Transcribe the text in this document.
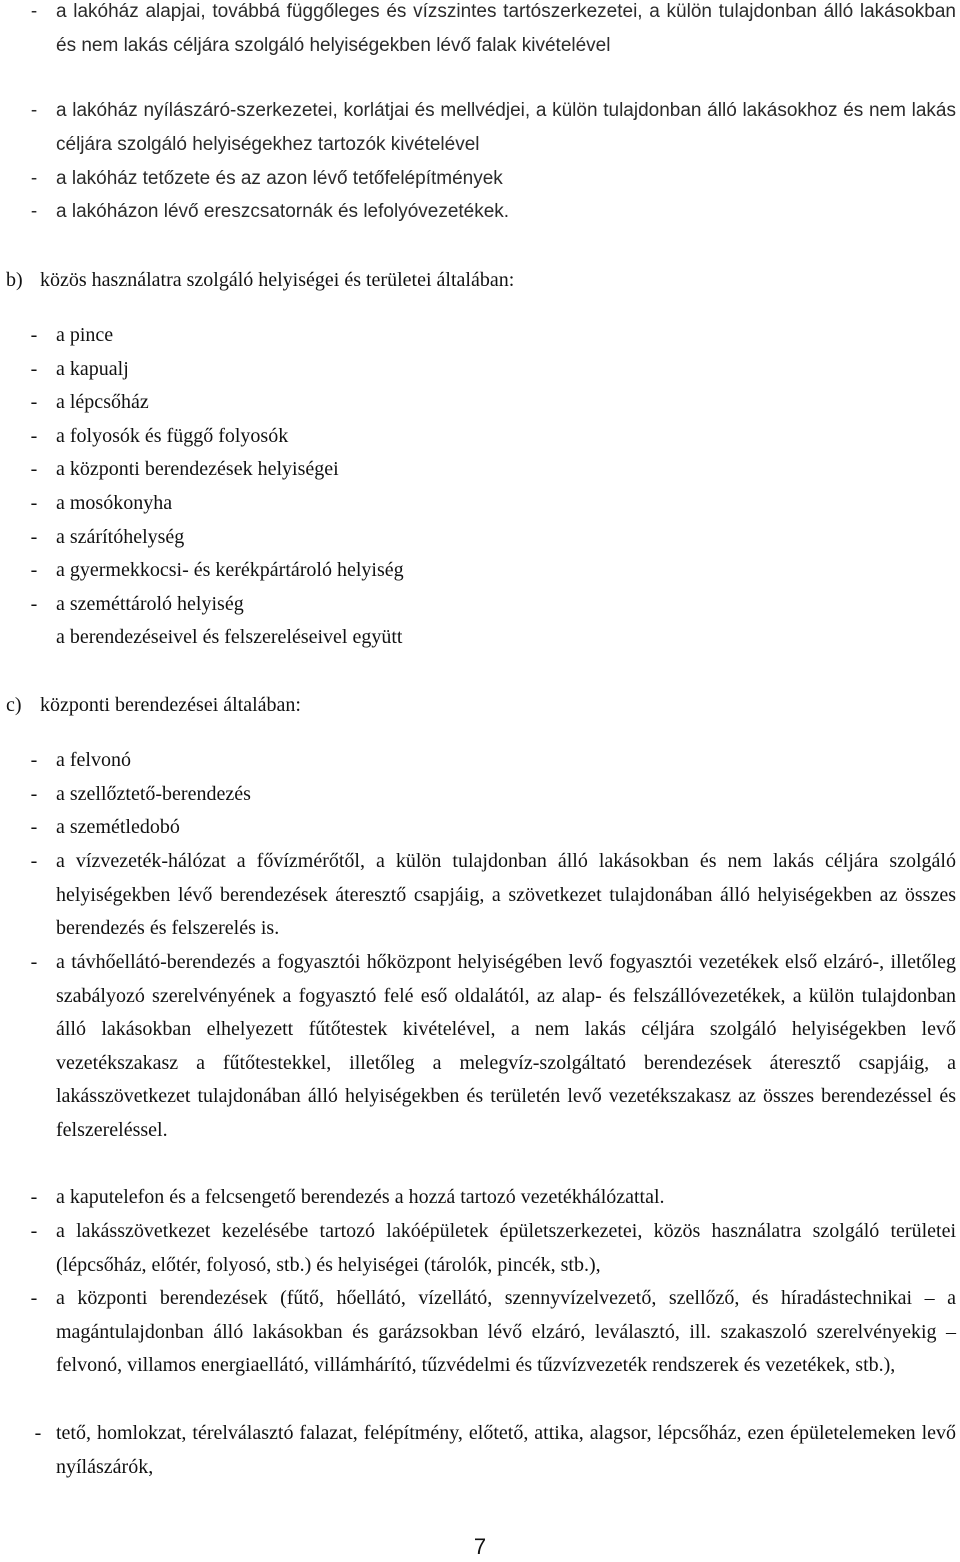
- a lakóház alapjai, továbbá függőleges és vízszintes tartószerkezetei, a külön tulajdonban álló lakásokban és nem lakás céljára szolgáló helyiségekben lévő falak kivételével
- a lakóház nyílászáró-szerkezetei, korlátjai és mellvédjei, a külön tulajdonban álló lakásokhoz és nem lakás céljára szolgáló helyiségekhez tartozók kivételével
- a lakóház tetőzete és az azon lévő tetőfelépítmények
- a lakóházon lévő ereszcsatornák és lefolyóvezetékek.
b) közös használatra szolgáló helyiségei és területei általában:
- a pince
- a kapualj
- a lépcsőház
- a folyosók és függő folyosók
- a központi berendezések helyiségei
- a mosókonyha
- a szárítóhelység
- a gyermekkocsi- és kerékpártároló helyiség
- a szeméttároló helyiség
a berendezéseivel és felszereléseivel együtt
c) központi berendezései általában:
- a felvonó
- a szellőztető-berendezés
- a szemétledobó
- a vízvezeték-hálózat a fővízmérőtől, a külön tulajdonban álló lakásokban és nem lakás céljára szolgáló helyiségekben lévő berendezések áteresztő csapjáig, a szövetkezet tulajdonában álló helyiségekben az összes berendezés és felszerelés is.
- a távhőellátó-berendezés a fogyasztói hőközpont helyiségében levő fogyasztói vezetékek első elzáró-, illetőleg szabályozó szerelvényének a fogyasztó felé eső oldalától, az alap- és felszállóvezetékek, a külön tulajdonban álló lakásokban elhelyezett fűtőtestek kivételével, a nem lakás céljára szolgáló helyiségekben levő vezetékszakasz a fűtőtestekkel, illetőleg a melegvíz-szolgáltató berendezések áteresztő csapjáig, a lakásszövetkezet tulajdonában álló helyiségekben és területén levő vezetékszakasz az összes berendezéssel és felszereléssel.
- a kaputelefon és a felcsengető berendezés a hozzá tartozó vezetékhálózattal.
- a lakásszövetkezet kezelésébe tartozó lakóépületek épületszerkezetei, közös használatra szolgáló területei (lépcsőház, előtér, folyosó, stb.) és helyiségei (tárolók, pincék, stb.),
- a központi berendezések (fűtő, hőellátó, vízellátó, szennyvízelvezető, szellőző, és híradástechnikai – a magántulajdonban álló lakásokban és garázsokban lévő elzáró, leválasztó, ill. szakaszoló szerelvényekig – felvonó, villamos energiaellátó, villámhárító, tűzvédelmi és tűzvízvezeték rendszerek és vezetékek, stb.),
- tető, homlokzat, térelválasztó falazat, felépítmény, előtető, attika, alagsor, lépcsőház, ezen épületelemeken levő nyílászárók,
7
